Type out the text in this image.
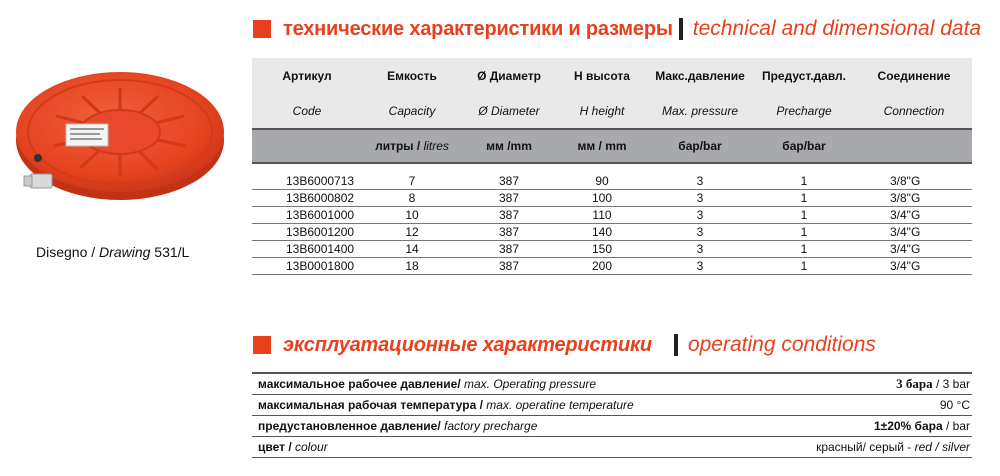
Disegno / Drawing 531/L
технические характеристики и размеры technical and dimensional data
Артикул	Емкость	Ø Диаметр	H высота	Макс.давление	Предуст.давл.	Соединение
Code	Capacity	Ø Diameter	H height	Max. pressure	Precharge	Connection
	литры / litres	мм /mm	мм / mm	бар/bar	бар/bar	

13B6000713	7	387	90	3	1	3/8"G
13B6000802	8	387	100	3	1	3/8"G
13B6001000	10	387	110	3	1	3/4"G
13B6001200	12	387	140	3	1	3/4"G
13B6001400	14	387	150	3	1	3/4"G
13B0001800	18	387	200	3	1	3/4"G
эксплуатационные характеристики operating conditions
максимальное рабочее давление/ max. Operating pressure	3 бара / 3 bar
максимальная рабочая температура / max. operatine temperature	90 °C
предустановленное давление/ factory precharge	1±20% бара / bar
цвет / colour	красный/ серый - red / silver
